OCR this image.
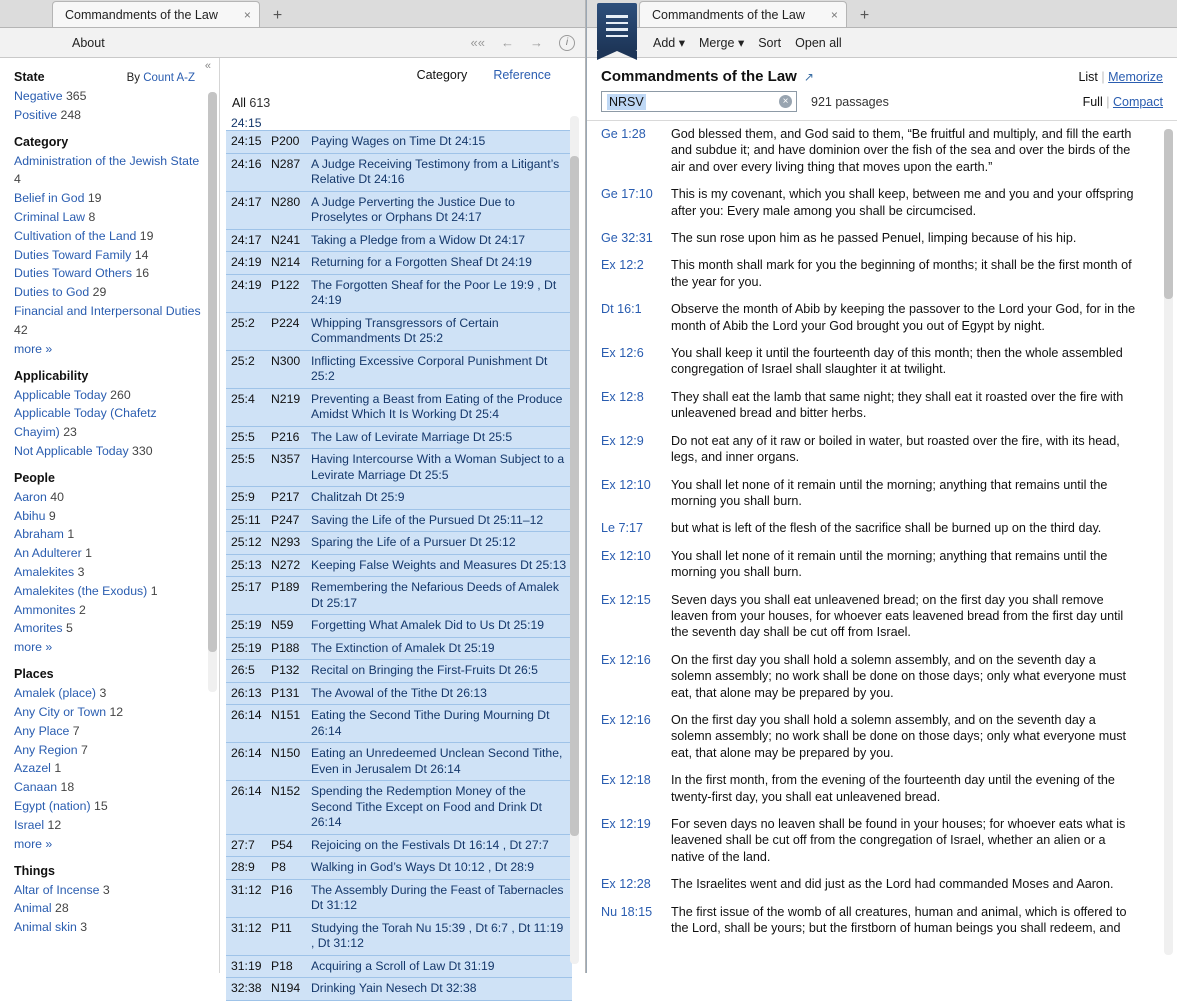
Commandments of the Law ×	+
About	«« ← →	i
«
State	By Count A-Z
Negative 365
Positive 248
Category
Administration of the Jewish State 4
Belief in God 19
Criminal Law 8
Cultivation of the Land 19
Duties Toward Family 14
Duties Toward Others 16
Duties to God 29
Financial and Interpersonal Duties 42
more »
Applicability
Applicable Today 260
Applicable Today (Chafetz Chayim) 23
Not Applicable Today 330
People
Aaron 40
Abihu 9
Abraham 1
An Adulterer 1
Amalekites 3
Amalekites (the Exodus) 1
Ammonites 2
Amorites 5
more »
Places
Amalek (place) 3
Any City or Town 12
Any Place 7
Any Region 7
Azazel 1
Canaan 18
Egypt (nation) 15
Israel 12
more »
Things
Altar of Incense 3
Animal 28
Animal skin 3
Category Reference
All 613
24:15
24:15	P200	Paying Wages on Time Dt 24:15
24:16	N287	A Judge Receiving Testimony from a Litigant’s Relative Dt 24:16
24:17	N280	A Judge Perverting the Justice Due to Proselytes or Orphans Dt 24:17
24:17	N241	Taking a Pledge from a Widow Dt 24:17
24:19	N214	Returning for a Forgotten Sheaf Dt 24:19
24:19	P122	The Forgotten Sheaf for the Poor Le 19:9 , Dt 24:19
25:2	P224	Whipping Transgressors of Certain Commandments Dt 25:2
25:2	N300	Inflicting Excessive Corporal Punishment Dt 25:2
25:4	N219	Preventing a Beast from Eating of the Produce Amidst Which It Is Working Dt 25:4
25:5	P216	The Law of Levirate Marriage Dt 25:5
25:5	N357	Having Intercourse With a Woman Subject to a Levirate Marriage Dt 25:5
25:9	P217	Chalitzah Dt 25:9
25:11	P247	Saving the Life of the Pursued Dt 25:11–12
25:12	N293	Sparing the Life of a Pursuer Dt 25:12
25:13	N272	Keeping False Weights and Measures Dt 25:13
25:17	P189	Remembering the Nefarious Deeds of Amalek Dt 25:17
25:19	N59	Forgetting What Amalek Did to Us Dt 25:19
25:19	P188	The Extinction of Amalek Dt 25:19
26:5	P132	Recital on Bringing the First-Fruits Dt 26:5
26:13	P131	The Avowal of the Tithe Dt 26:13
26:14	N151	Eating the Second Tithe During Mourning Dt 26:14
26:14	N150	Eating an Unredeemed Unclean Second Tithe, Even in Jerusalem Dt 26:14
26:14	N152	Spending the Redemption Money of the Second Tithe Except on Food and Drink Dt 26:14
27:7	P54	Rejoicing on the Festivals Dt 16:14 , Dt 27:7
28:9	P8	Walking in God’s Ways Dt 10:12 , Dt 28:9
31:12	P16	The Assembly During the Feast of Tabernacles Dt 31:12
31:12	P11	Studying the Torah Nu 15:39 , Dt 6:7 , Dt 11:19 , Dt 31:12
31:19	P18	Acquiring a Scroll of Law Dt 31:19
32:38	N194	Drinking Yain Nesech Dt 32:38
Commandments of the Law ×	+
Add ▾ Merge ▾ Sort Open all
Commandments of the Law ↗	List | Memorize
NRSV	× 921 passages	Full | Compact
Ge 1:28	God blessed them, and God said to them, “Be fruitful and multiply, and fill the earth and subdue it; and have dominion over the fish of the sea and over the birds of the air and over every living thing that moves upon the earth.”
Ge 17:10	This is my covenant, which you shall keep, between me and you and your offspring after you: Every male among you shall be circumcised.
Ge 32:31	The sun rose upon him as he passed Penuel, limping because of his hip.
Ex 12:2	This month shall mark for you the beginning of months; it shall be the first month of the year for you.
Dt 16:1	Observe the month of Abib by keeping the passover to the Lord your God, for in the month of Abib the Lord your God brought you out of Egypt by night.
Ex 12:6	You shall keep it until the fourteenth day of this month; then the whole assembled congregation of Israel shall slaughter it at twilight.
Ex 12:8	They shall eat the lamb that same night; they shall eat it roasted over the fire with unleavened bread and bitter herbs.
Ex 12:9	Do not eat any of it raw or boiled in water, but roasted over the fire, with its head, legs, and inner organs.
Ex 12:10	You shall let none of it remain until the morning; anything that remains until the morning you shall burn.
Le 7:17	but what is left of the flesh of the sacrifice shall be burned up on the third day.
Ex 12:10	You shall let none of it remain until the morning; anything that remains until the morning you shall burn.
Ex 12:15	Seven days you shall eat unleavened bread; on the first day you shall remove leaven from your houses, for whoever eats leavened bread from the first day until the seventh day shall be cut off from Israel.
Ex 12:16	On the first day you shall hold a solemn assembly, and on the seventh day a solemn assembly; no work shall be done on those days; only what everyone must eat, that alone may be prepared by you.
Ex 12:16	On the first day you shall hold a solemn assembly, and on the seventh day a solemn assembly; no work shall be done on those days; only what everyone must eat, that alone may be prepared by you.
Ex 12:18	In the first month, from the evening of the fourteenth day until the evening of the twenty-first day, you shall eat unleavened bread.
Ex 12:19	For seven days no leaven shall be found in your houses; for whoever eats what is leavened shall be cut off from the congregation of Israel, whether an alien or a native of the land.
Ex 12:28	The Israelites went and did just as the Lord had commanded Moses and Aaron.
Nu 18:15	The first issue of the womb of all creatures, human and animal, which is offered to the Lord, shall be yours; but the firstborn of human beings you shall redeem, and
